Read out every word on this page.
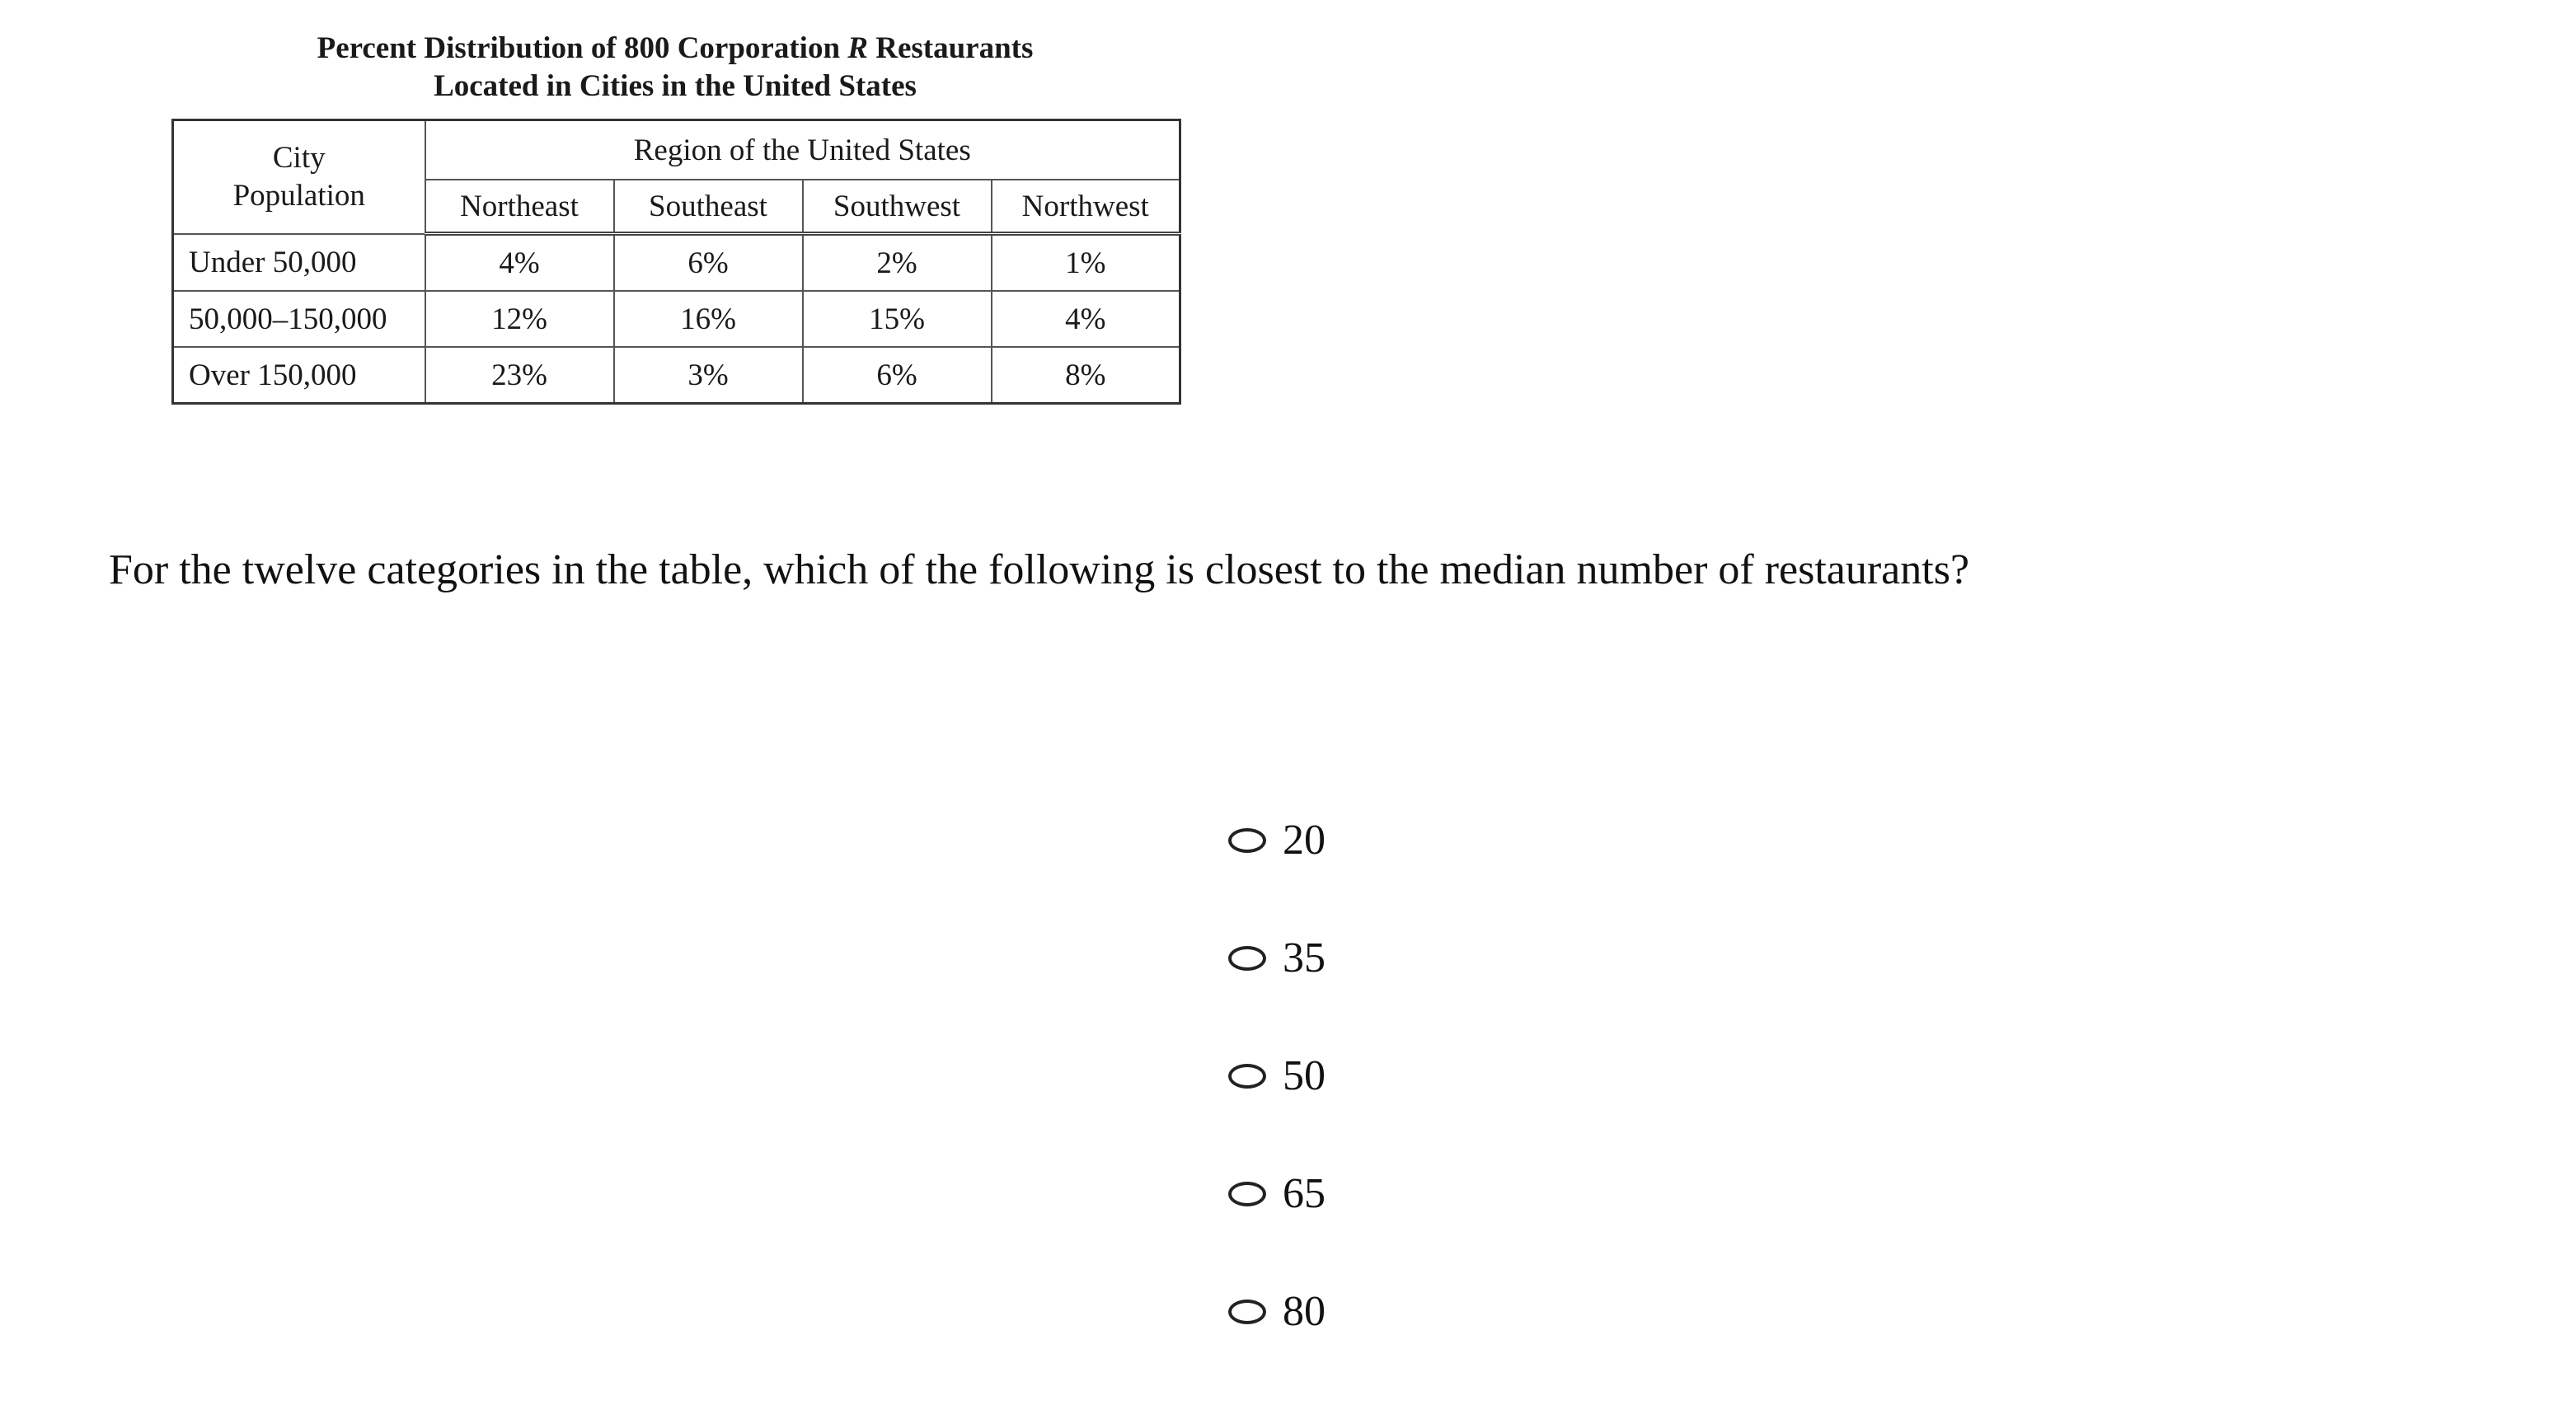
Percent Distribution of 800 Corporation R Restaurants
Located in Cities in the United States
City
Population	Region of the United States			
	Northeast	Southeast	Southwest	Northwest
Under 50,000	4%	6%	2%	1%
50,000–150,000	12%	16%	15%	4%
Over 150,000	23%	3%	6%	8%
For the twelve categories in the table, which of the following is closest to the median number of restaurants?
20
35
50
65
80
